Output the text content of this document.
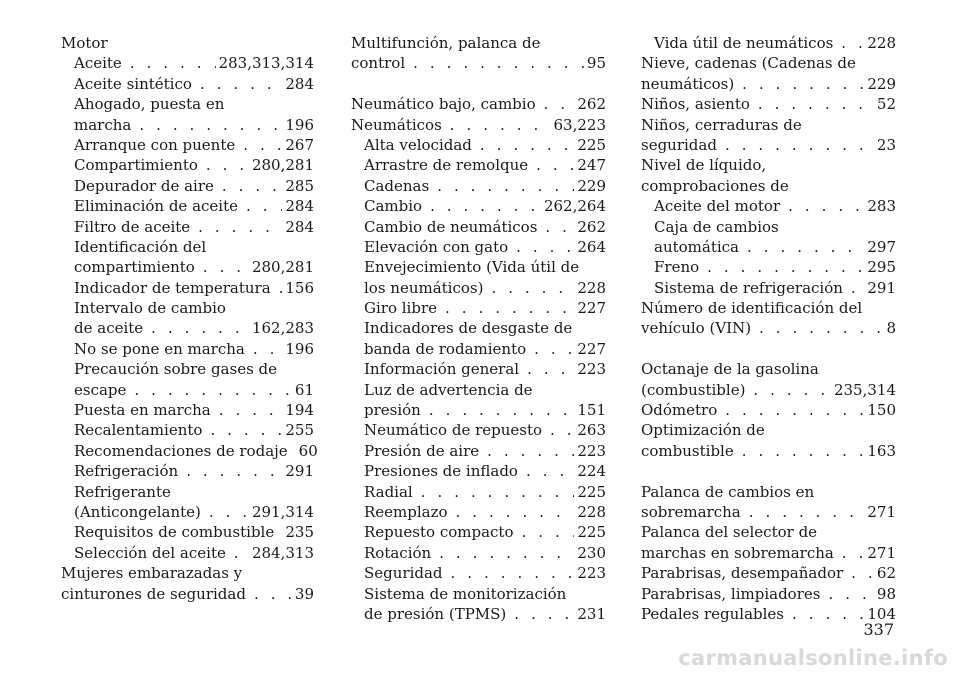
Motor
Aceite . . .	283,313,314
Aceite sintético . . .	284
Ahogado, puesta en
marcha . . .	196
Arranque con puente . . .	267
Compartimiento . . .	280,281
Depurador de aire . . .	285
Eliminación de aceite . . .	284
Filtro de aceite . . .	284
Identificación del
compartimiento . . .	280,281
Indicador de temperatura . . . 156
Intervalo de cambio
de aceite . . .	162,283
No se pone en marcha . . .	196
Precaución sobre gases de
escape . . .	61
Puesta en marcha . . .	194
Recalentamiento . . .	255
Recomendaciones de rodaje 60
Refrigeración . . .	291
Refrigerante
(Anticongelante) . . .	291,314
Requisitos de combustible . . . 235
Selección del aceite . . . 284,313
Mujeres embarazadas y
cinturones de seguridad . . .	39
Multifunción, palanca de
control . . .	95
Neumático bajo, cambio . . .	262
Neumáticos . . .	63,223
Alta velocidad . . .	225
Arrastre de remolque . . .	247
Cadenas . . .	229
Cambio . . .	262,264
Cambio de neumáticos . . .	262
Elevación con gato . . .	264
Envejecimiento (Vida útil de
los neumáticos) . . .	228
Giro libre . . .	227
Indicadores de desgaste de
banda de rodamiento . . .	227
Información general . . .	223
Luz de advertencia de
presión . . .	151
Neumático de repuesto . . . 263
Presión de aire . . .	223
Presiones de inflado . . .	224
Radial . . .	225
Reemplazo . . .	228
Repuesto compacto . . .	225
Rotación . . .	230
Seguridad . . .	223
Sistema de monitorización
de presión (TPMS) . . .	231
Vida útil de neumáticos . . . 228
Nieve, cadenas (Cadenas de
neumáticos) . . .	229
Niños, asiento . . .	52
Niños, cerraduras de
seguridad . . .	23
Nivel de líquido,
comprobaciones de
Aceite del motor . . .	283
Caja de cambios
automática . . .	297
Freno . . .	295
Sistema de refrigeración . . . 291
Número de identificación del
vehículo (VIN) . . .	8
Octanaje de la gasolina
(combustible) . . .	235,314
Odómetro . . .	150
Optimización de
combustible . . .	163
Palanca de cambios en
sobremarcha . . .	271
Palanca del selector de
marchas en sobremarcha . . . 271
Parabrisas, desempañador . . . 62
Parabrisas, limpiadores . . .	98
Pedales regulables . . .	104
337
carmanualsonline.info
